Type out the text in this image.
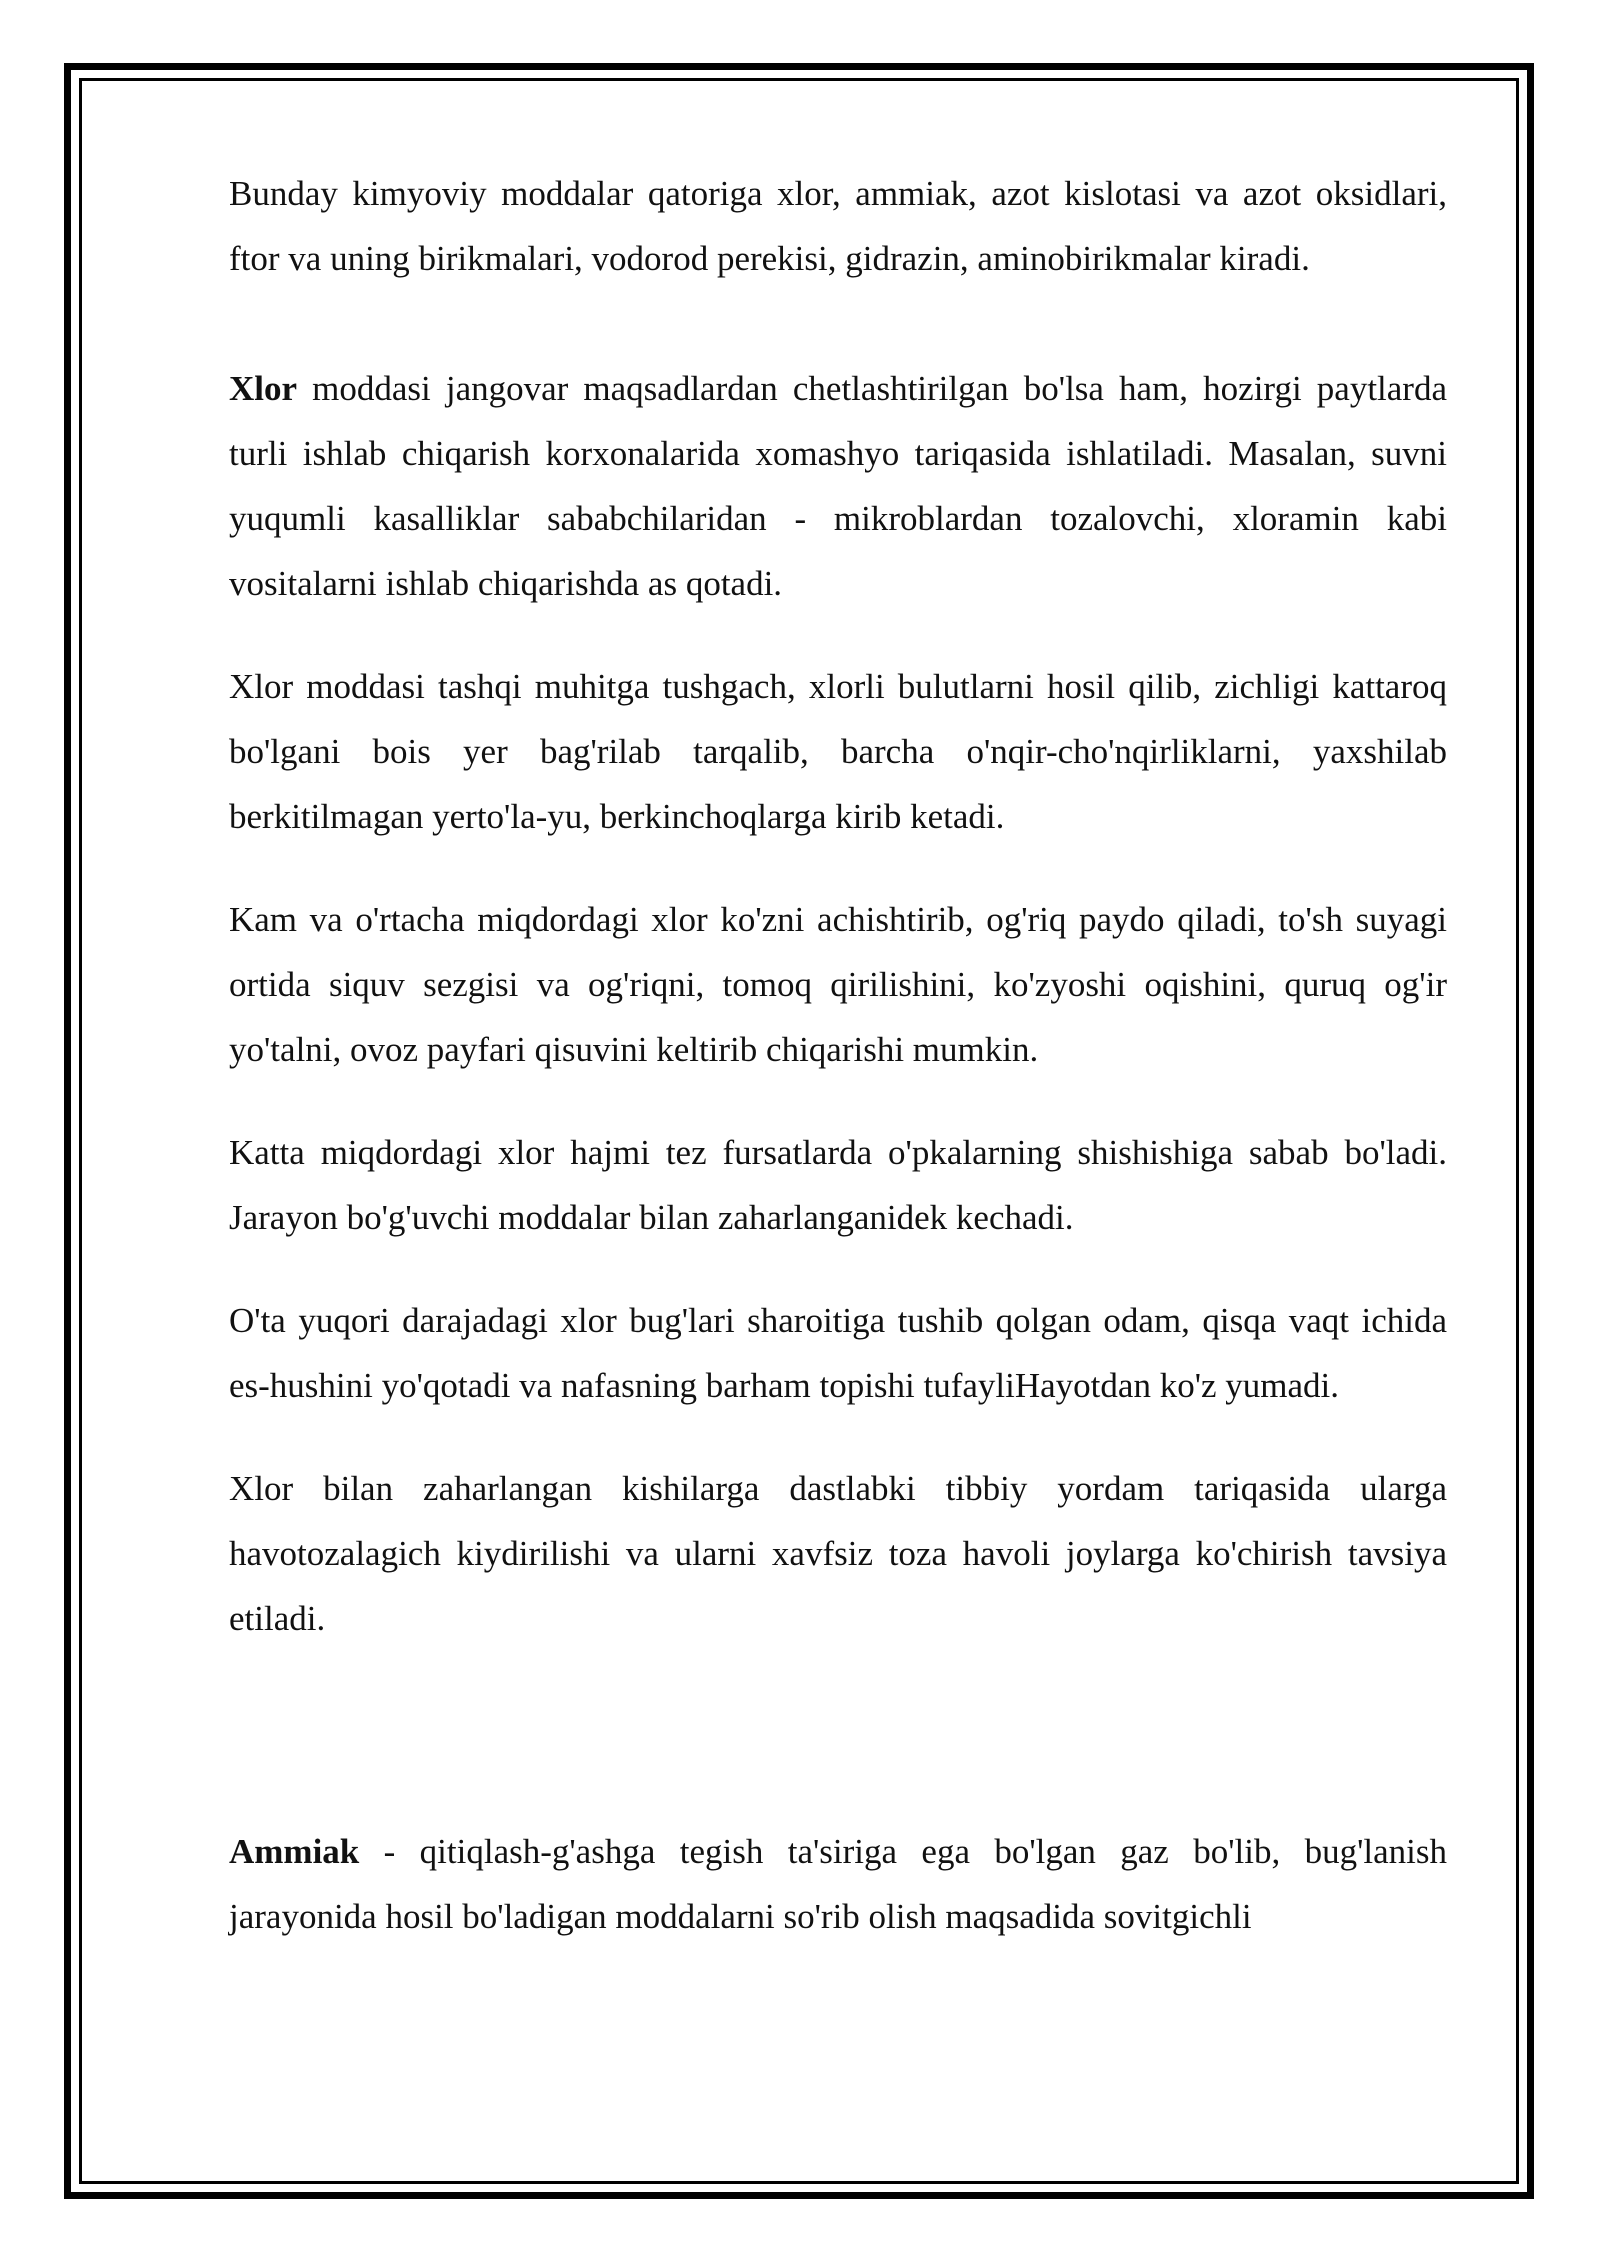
Bunday kimyoviy moddalar qatoriga xlor, ammiak, azot kislotasi va azot oksidlari, ftor va uning birikmalari, vodorod perekisi, gidrazin, aminobirikmalar kiradi.

Xlor moddasi jangovar maqsadlardan chetlashtirilgan bo'lsa ham, hozirgi paytlarda turli ishlab chiqarish korxonalarida xomashyo tariqasida ishlatiladi. Masalan, suvni yuqumli kasalliklar sababchilaridan - mikroblardan tozalovchi, xloramin kabi vositalarni ishlab chiqarishda as qotadi.

Xlor moddasi tashqi muhitga tushgach, xlorli bulutlarni hosil qilib, zichligi kattaroq bo'lgani bois yer bag'rilab tarqalib, barcha o'nqir-cho'nqirliklarni, yaxshilab berkitilmagan yerto'la-yu, berkinchoqlarga kirib ketadi.

Kam va o'rtacha miqdordagi xlor ko'zni achishtirib, og'riq paydo qiladi, to'sh suyagi ortida siquv sezgisi va og'riqni, tomoq qirilishini, ko'zyoshi oqishini, quruq og'ir yo'talni, ovoz payfari qisuvini keltirib chiqarishi mumkin.

Katta miqdordagi xlor hajmi tez fursatlarda o'pkalarning shishishiga sabab bo'ladi. Jarayon bo'g'uvchi moddalar bilan zaharlanganidek kechadi.

O'ta yuqori darajadagi xlor bug'lari sharoitiga tushib qolgan odam, qisqa vaqt ichida es-hushini yo'qotadi va nafasning barham topishi tufayliHayotdan ko'z yumadi.

Xlor bilan zaharlangan kishilarga dastlabki tibbiy yordam tariqasida ularga havotozalagich kiydirilishi va ularni xavfsiz toza havoli joylarga ko'chirish tavsiya etiladi.

Ammiak - qitiqlash-g'ashga tegish ta'siriga ega bo'lgan gaz bo'lib, bug'lanish jarayonida hosil bo'ladigan moddalarni so'rib olish maqsadida sovitgichli
